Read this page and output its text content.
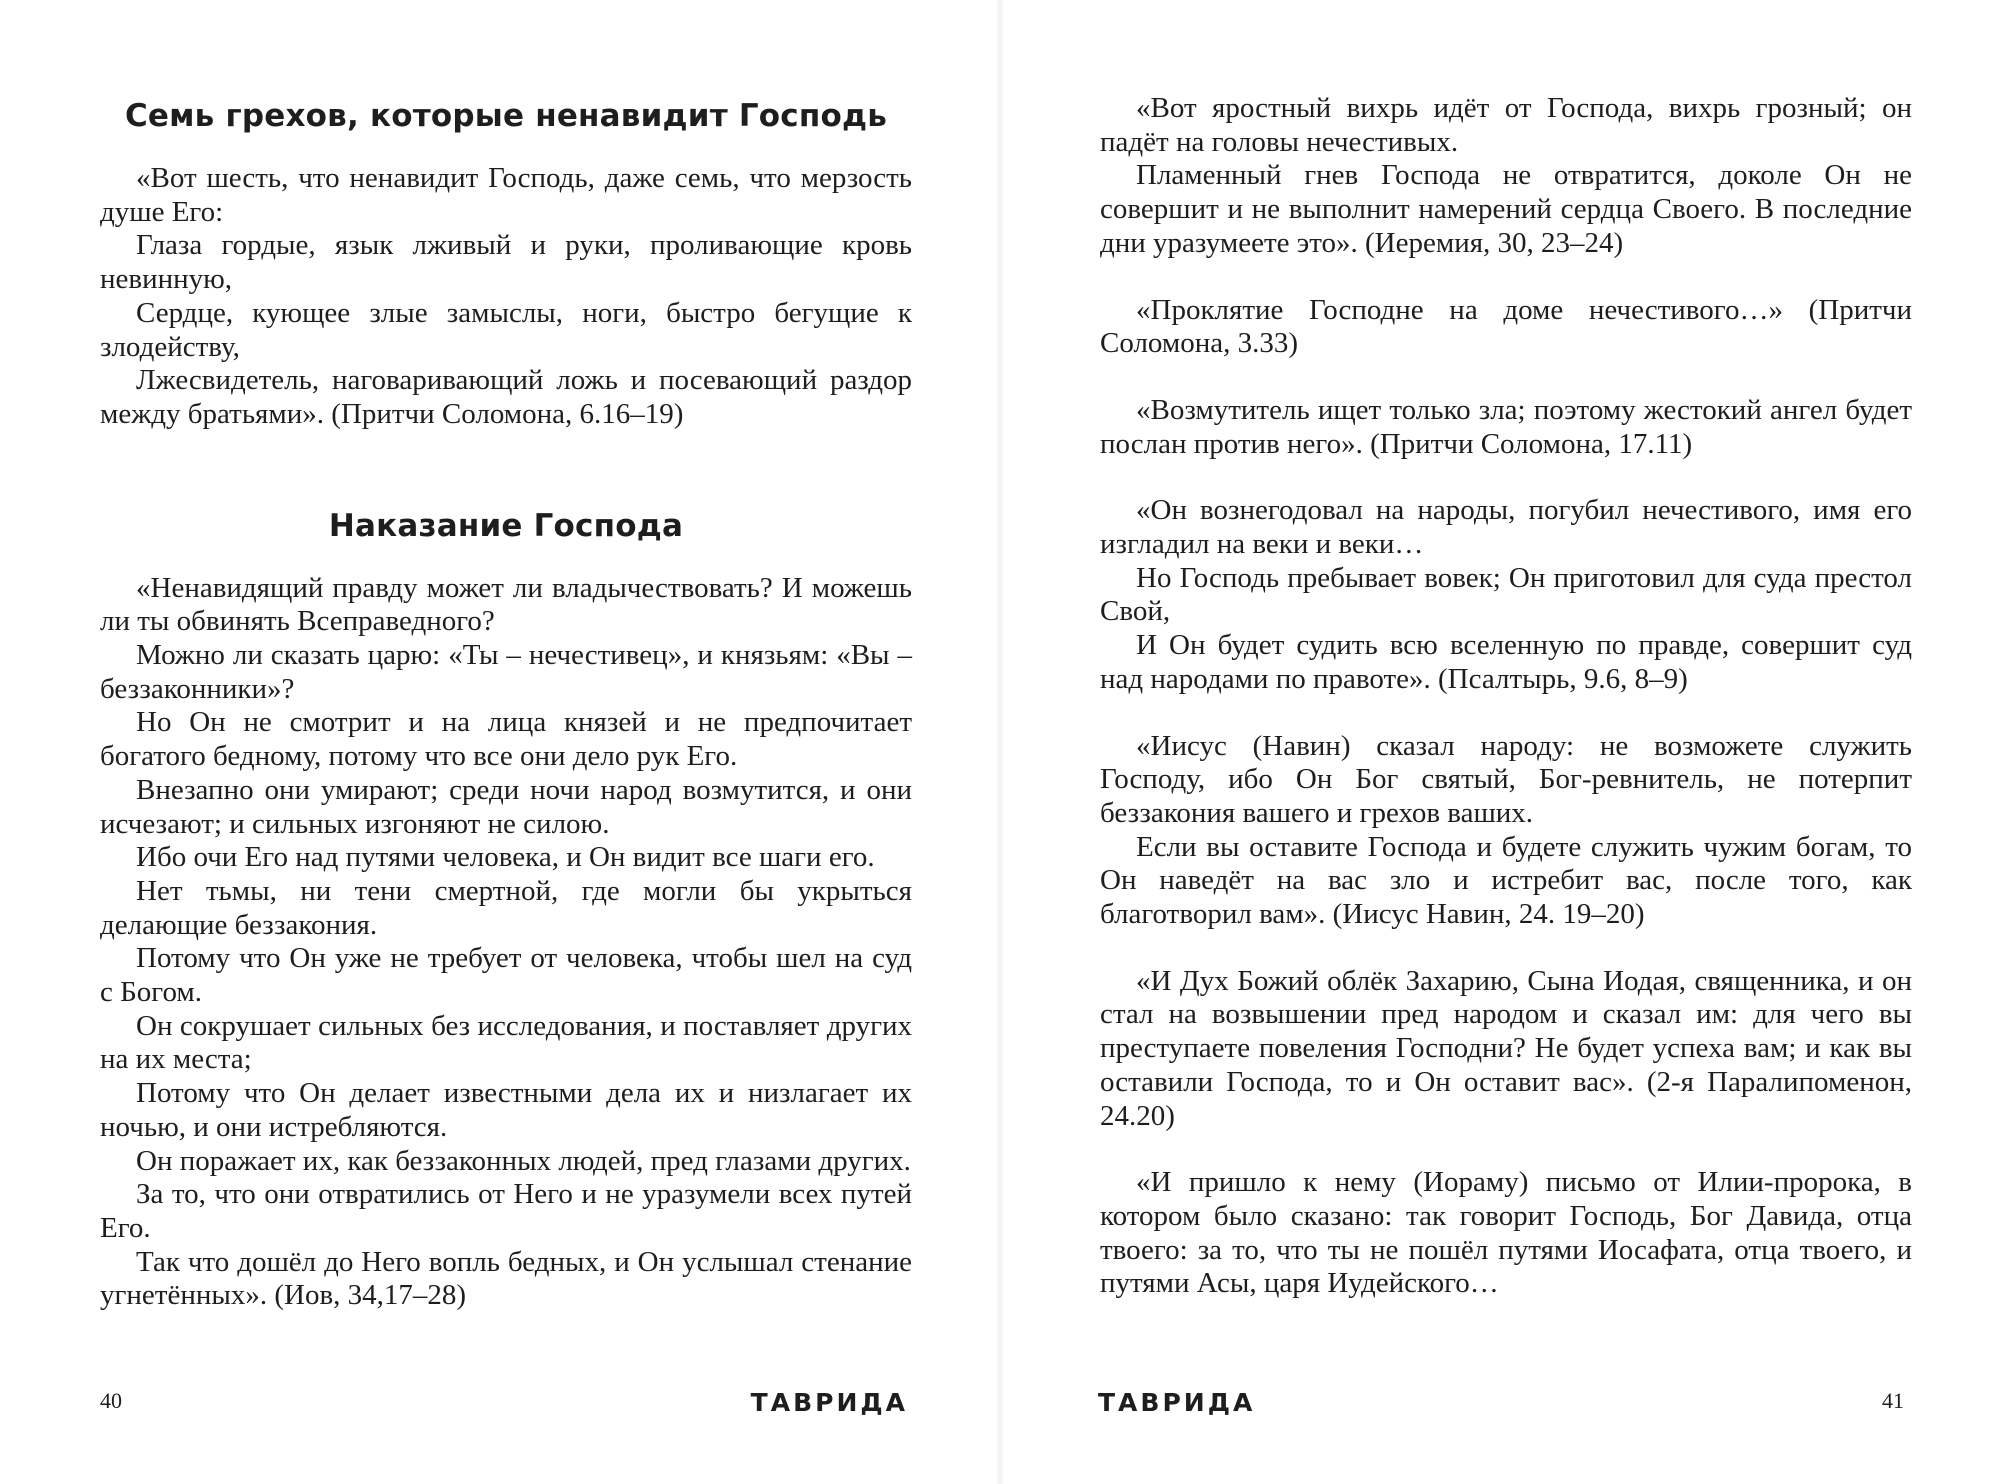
Семь грехов, которые ненавидит Господь

«Вот шесть, что ненавидит Господь, даже семь, что мерзость душе Его:

Глаза гордые, язык лживый и руки, проливающие кровь невинную,

Сердце, кующее злые замыслы, ноги, быстро бегущие к злодейству,

Лжесвидетель, наговаривающий ложь и посевающий раздор между братьями». (Притчи Соломона, 6.16–19)

Наказание Господа

«Ненавидящий правду может ли владычествовать? И можешь ли ты обвинять Всеправедного?

Можно ли сказать царю: «Ты – нечестивец», и князьям: «Вы –беззаконники»?

Но Он не смотрит и на лица князей и не предпочитает богатого бедному, потому что все они дело рук Его.

Внезапно они умирают; среди ночи народ возмутится, и они исчезают; и сильных изгоняют не силою.

Ибо очи Его над путями человека, и Он видит все шаги его.

Нет тьмы, ни тени смертной, где могли бы укрыться делающие беззакония.

Потому что Он уже не требует от человека, чтобы шел на суд с Богом.

Он сокрушает сильных без исследования, и поставляет других на их места;

Потому что Он делает известными дела их и низлагает их ночью, и они истребляются.

Он поражает их, как беззаконных людей, пред глазами других.

За то, что они отвратились от Него и не уразумели всех путей Его.

Так что дошёл до Него вопль бедных, и Он услышал стенание угнетённых». (Иов, 34,17–28)

40	ТАВРИДА

«Вот яростный вихрь идёт от Господа, вихрь грозный; он падёт на головы нечестивых.

Пламенный гнев Господа не отвратится, доколе Он не совершит и не выполнит намерений сердца Своего. В последние дни уразумеете это». (Иеремия, 30, 23–24)

«Проклятие Господне на доме нечестивого…» (Притчи Соломона, 3.33)

«Возмутитель ищет только зла; поэтому жестокий ангел будет послан против него». (Притчи Соломона, 17.11)

«Он вознегодовал на народы, погубил нечестивого, имя его изгладил на веки и веки…

Но Господь пребывает вовек; Он приготовил для суда престол Свой,

И Он будет судить всю вселенную по правде, совершит суд над народами по правоте». (Псалтырь, 9.6, 8–9)

«Иисус (Навин) сказал народу: не возможете служить Господу, ибо Он Бог святый, Бог-ревнитель, не потерпит беззакония вашего и грехов ваших.

Если вы оставите Господа и будете служить чужим богам, то Он наведёт на вас зло и истребит вас, после того, как благотворил вам». (Иисус Навин, 24. 19–20)

«И Дух Божий облёк Захарию, Сына Иодая, священника, и он стал на возвышении пред народом и сказал им: для чего вы преступаете повеления Господни? Не будет успеха вам; и как вы оставили Господа, то и Он оставит вас». (2-я Паралипоменон, 24.20)

«И пришло к нему (Иораму) письмо от Илии-пророка, в котором было сказано: так говорит Господь, Бог Давида, отца твоего: за то, что ты не пошёл путями Иосафата, отца твоего, и путями Асы, царя Иудейского…

ТАВРИДА	41
